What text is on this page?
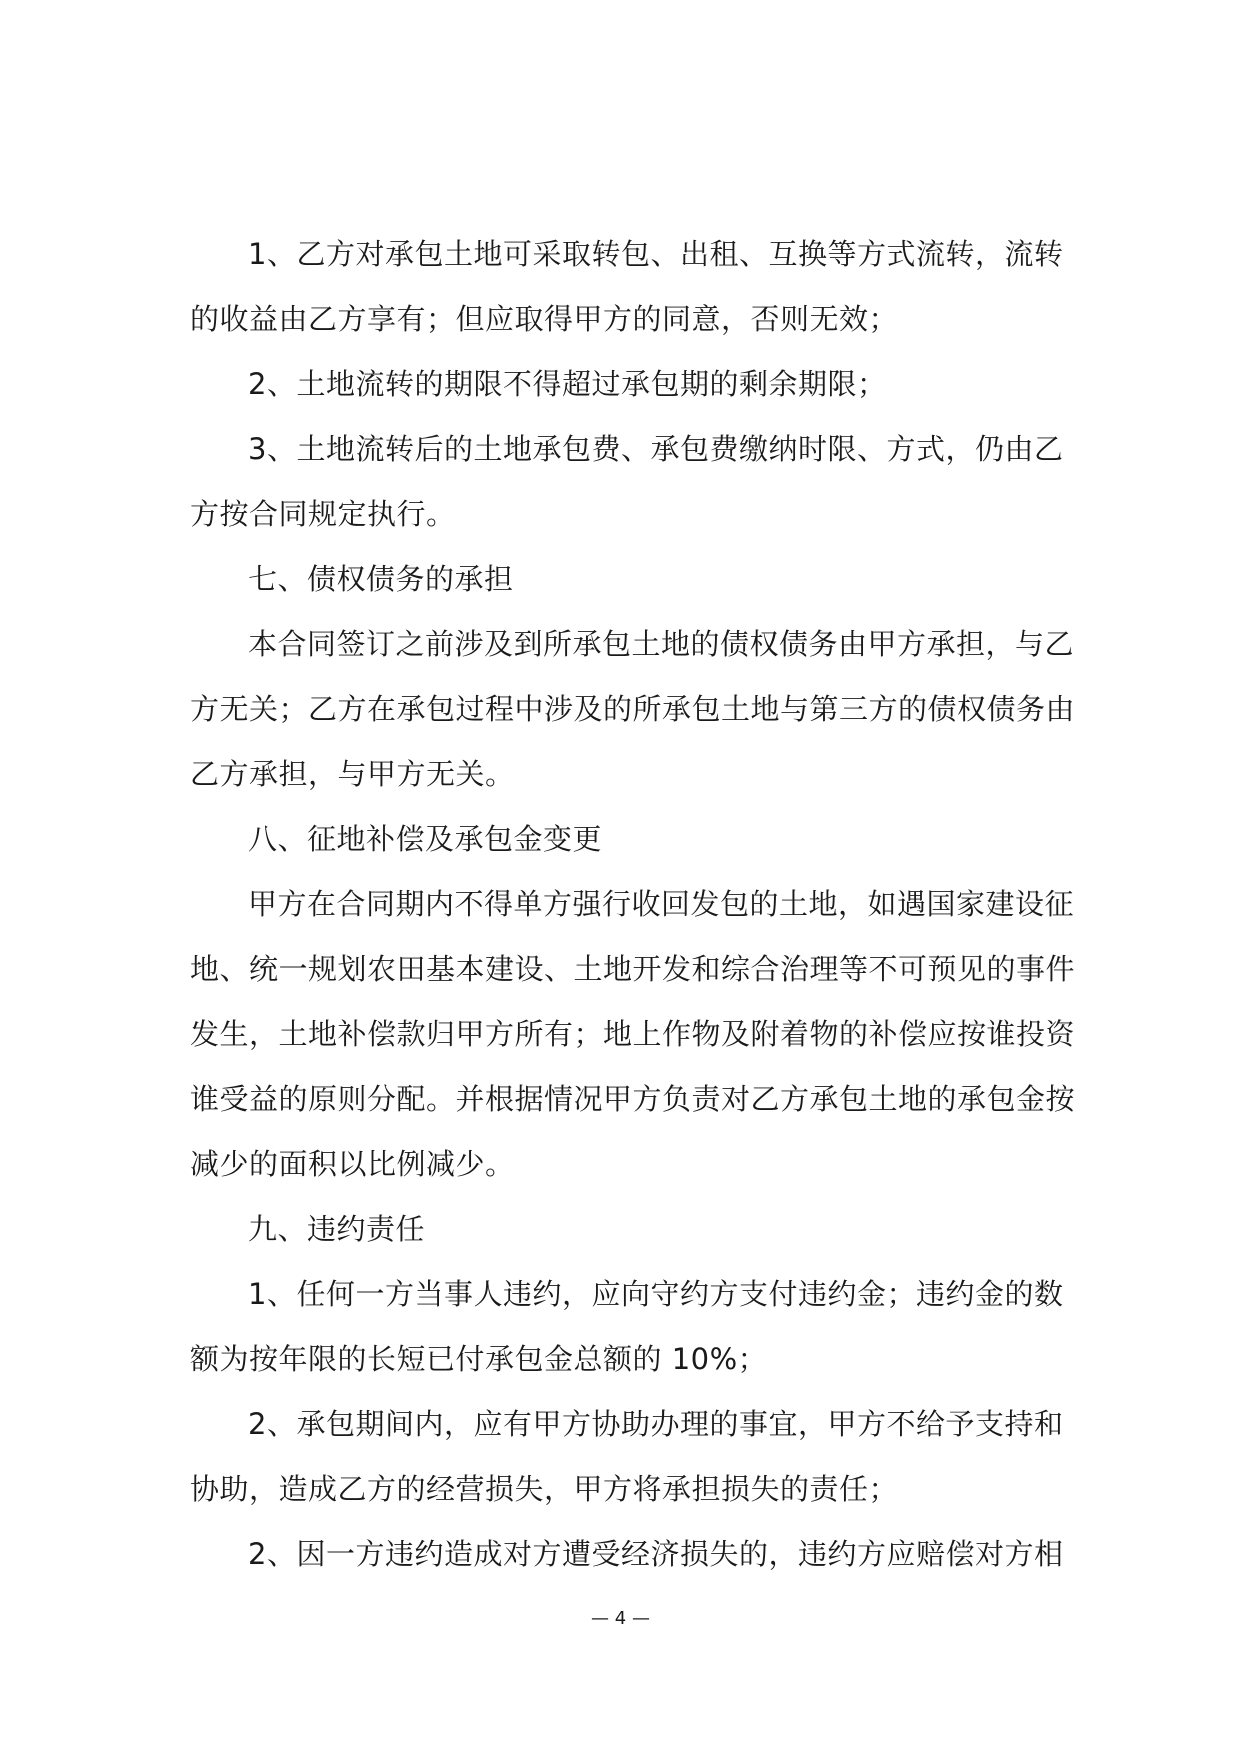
1、乙方对承包土地可采取转包、出租、互换等方式流转，流转
的收益由乙方享有；但应取得甲方的同意，否则无效；
2、土地流转的期限不得超过承包期的剩余期限；
3、土地流转后的土地承包费、承包费缴纳时限、方式，仍由乙
方按合同规定执行。
七、债权债务的承担
本合同签订之前涉及到所承包土地的债权债务由甲方承担，与乙
方无关；乙方在承包过程中涉及的所承包土地与第三方的债权债务由
乙方承担，与甲方无关。
八、征地补偿及承包金变更
甲方在合同期内不得单方强行收回发包的土地，如遇国家建设征
地、统一规划农田基本建设、土地开发和综合治理等不可预见的事件
发生，土地补偿款归甲方所有；地上作物及附着物的补偿应按谁投资
谁受益的原则分配。并根据情况甲方负责对乙方承包土地的承包金按
减少的面积以比例减少。
九、违约责任
1、任何一方当事人违约，应向守约方支付违约金；违约金的数
额为按年限的长短已付承包金总额的 10%；
2、承包期间内，应有甲方协助办理的事宜，甲方不给予支持和
协助，造成乙方的经营损失，甲方将承担损失的责任；
2、因一方违约造成对方遭受经济损失的，违约方应赔偿对方相
— 4 —
